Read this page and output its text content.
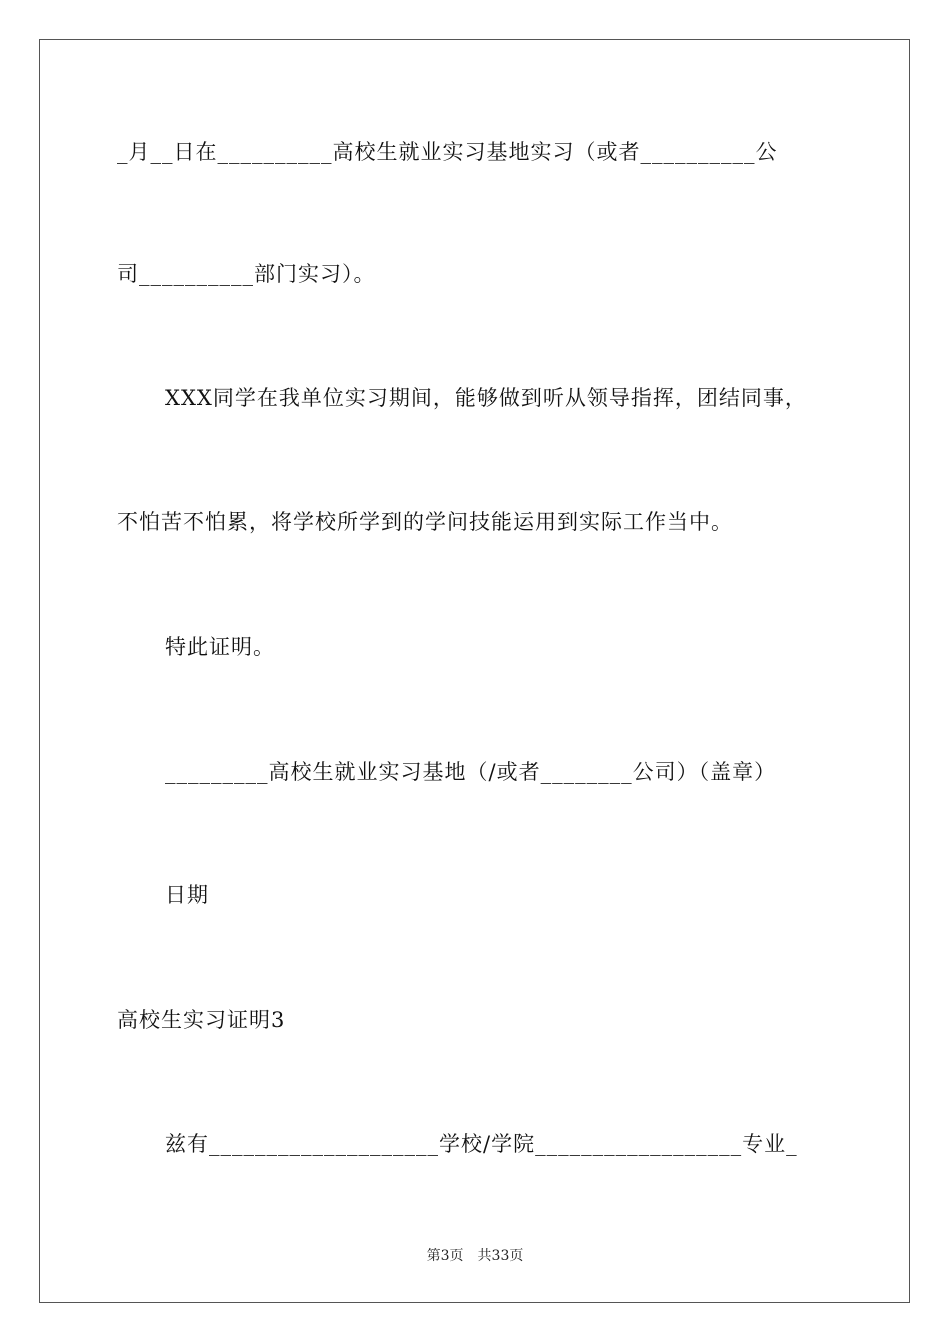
_月__日在__________高校生就业实习基地实习（或者__________公
司__________部门实习）。
XXX同学在我单位实习期间，能够做到听从领导指挥，团结同事，
不怕苦不怕累，将学校所学到的学问技能运用到实际工作当中。
特此证明。
_________高校生就业实习基地（/或者________公司）（盖章）
日期
高校生实习证明3
兹有____________________学校/学院__________________专业_
第3页　共33页
